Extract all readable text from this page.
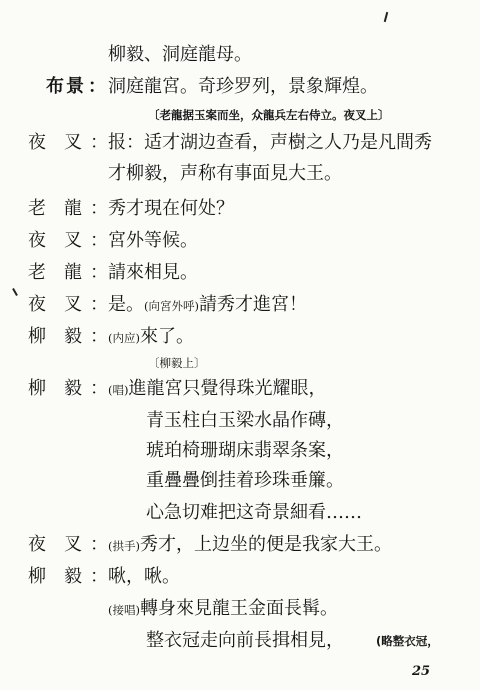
柳毅、洞庭龍母。
布景 ： 洞庭龍宮。奇珍罗列，景象輝煌。
〔老龍据玉案而坐，众龍兵左右侍立。夜叉上〕
夜　叉 ： 报：适才湖边查看，声樹之人乃是凡間秀
才柳毅，声称有事面見大王。
老　龍 ： 秀才現在何处？
夜　叉 ： 宮外等候。
老　龍 ： 請來相見。
夜　叉 ： 是。(向宮外呼)請秀才進宮！
柳　毅 ： (内应)來了。
〔柳毅上〕
柳　毅 ： (唱)進龍宮只覺得珠光耀眼，
青玉柱白玉梁水晶作磚，
琥珀椅珊瑚床翡翠条案，
重疊疊倒挂着珍珠垂簾。
心急切难把这奇景細看……
夜　叉 ： (拱手)秀才，上边坐的便是我家大王。
柳　毅 ： 啾，啾。
(接唱)轉身來見龍王金面長髯。
整衣冠走向前長揖相見，	(略整衣冠，
25
